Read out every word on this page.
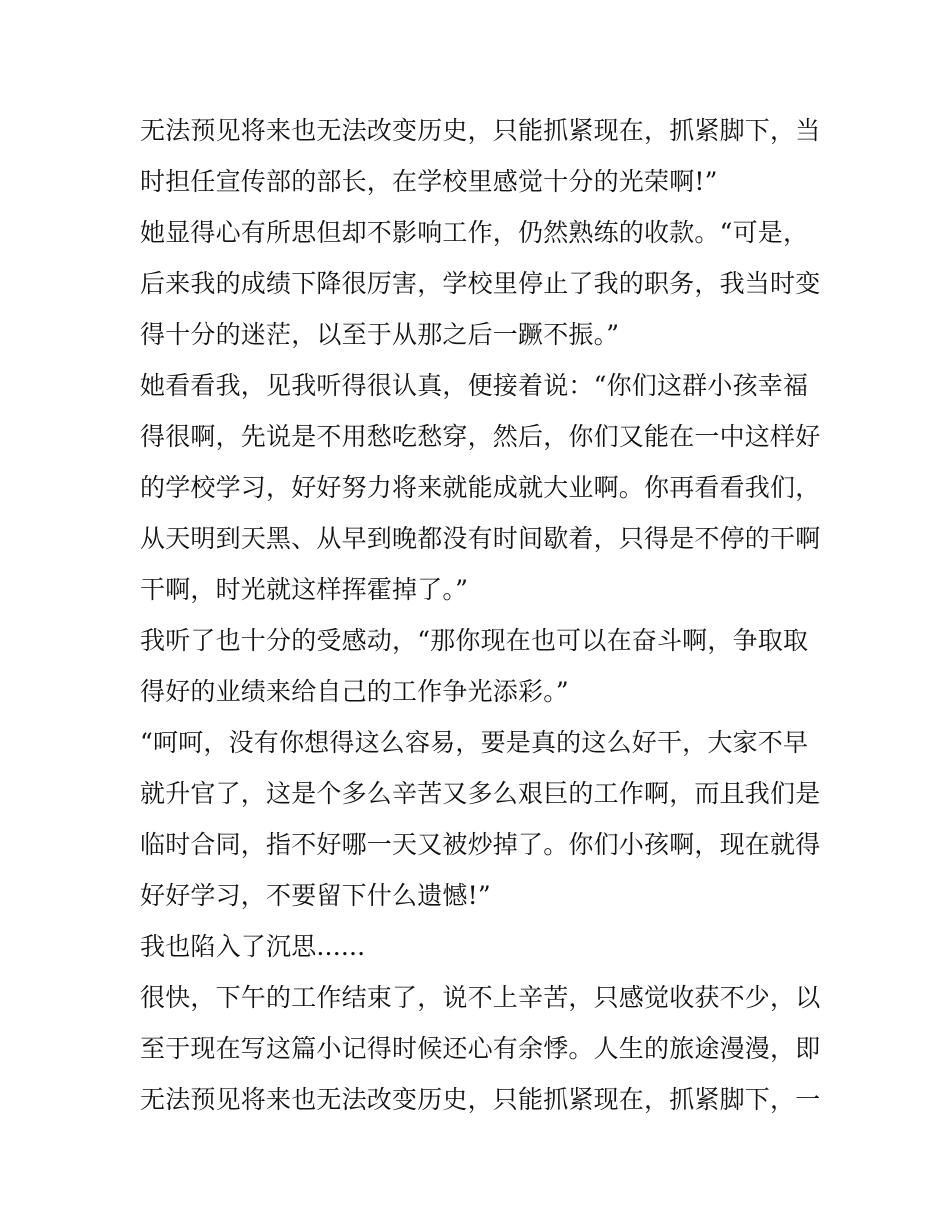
无法预见将来也无法改变历史，只能抓紧现在，抓紧脚下，当
时担任宣传部的部长，在学校里感觉十分的光荣啊!”
她显得心有所思但却不影响工作，仍然熟练的收款。“可是，
后来我的成绩下降很厉害，学校里停止了我的职务，我当时变
得十分的迷茫，以至于从那之后一蹶不振。”
她看看我，见我听得很认真，便接着说：“你们这群小孩幸福
得很啊，先说是不用愁吃愁穿，然后，你们又能在一中这样好
的学校学习，好好努力将来就能成就大业啊。你再看看我们，
从天明到天黑、从早到晚都没有时间歇着，只得是不停的干啊
干啊，时光就这样挥霍掉了。”
我听了也十分的受感动，“那你现在也可以在奋斗啊，争取取
得好的业绩来给自己的工作争光添彩。”
“呵呵，没有你想得这么容易，要是真的这么好干，大家不早
就升官了，这是个多么辛苦又多么艰巨的工作啊，而且我们是
临时合同，指不好哪一天又被炒掉了。你们小孩啊，现在就得
好好学习，不要留下什么遗憾!”
我也陷入了沉思......
很快，下午的工作结束了，说不上辛苦，只感觉收获不少，以
至于现在写这篇小记得时候还心有余悸。人生的旅途漫漫，即
无法预见将来也无法改变历史，只能抓紧现在，抓紧脚下，一
